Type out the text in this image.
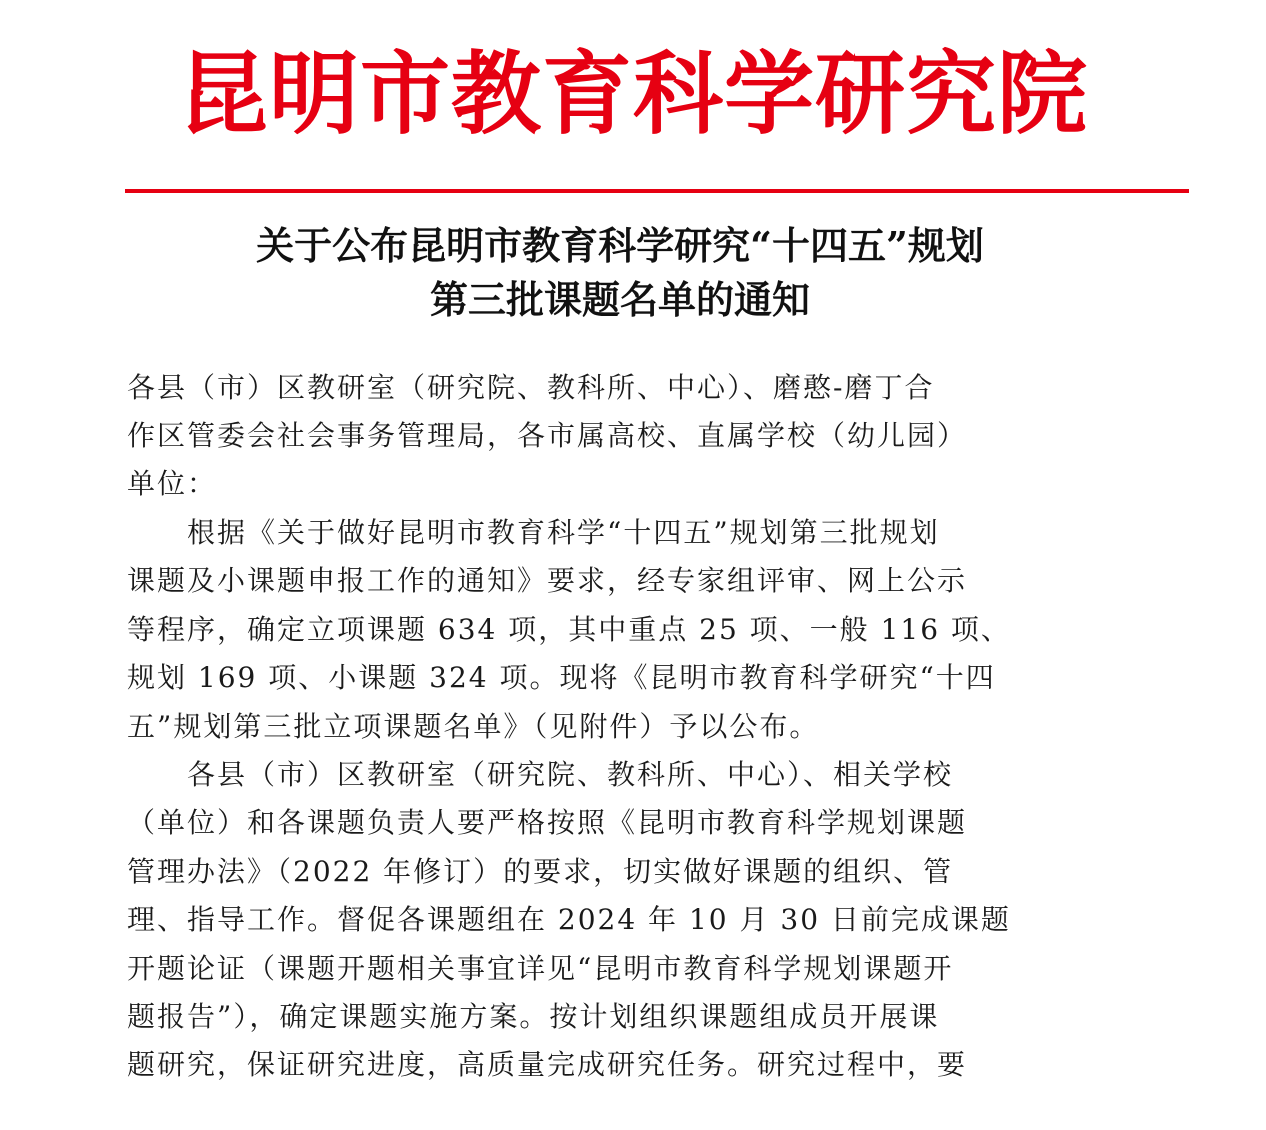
昆明市教育科学研究院
关于公布昆明市教育科学研究“十四五”规划
第三批课题名单的通知
各县（市）区教研室（研究院、教科所、中心）、磨憨-磨丁合
作区管委会社会事务管理局，各市属高校、直属学校（幼儿园）
单位：
　　根据《关于做好昆明市教育科学“十四五”规划第三批规划
课题及小课题申报工作的通知》要求，经专家组评审、网上公示
等程序，确定立项课题 634 项，其中重点 25 项、一般 116 项、
规划 169 项、小课题 324 项。现将《昆明市教育科学研究“十四
五”规划第三批立项课题名单》（见附件）予以公布。
　　各县（市）区教研室（研究院、教科所、中心）、相关学校
（单位）和各课题负责人要严格按照《昆明市教育科学规划课题
管理办法》（2022 年修订）的要求，切实做好课题的组织、管
理、指导工作。督促各课题组在 2024 年 10 月 30 日前完成课题
开题论证（课题开题相关事宜详见“昆明市教育科学规划课题开
题报告”），确定课题实施方案。按计划组织课题组成员开展课
题研究，保证研究进度，高质量完成研究任务。研究过程中，要
